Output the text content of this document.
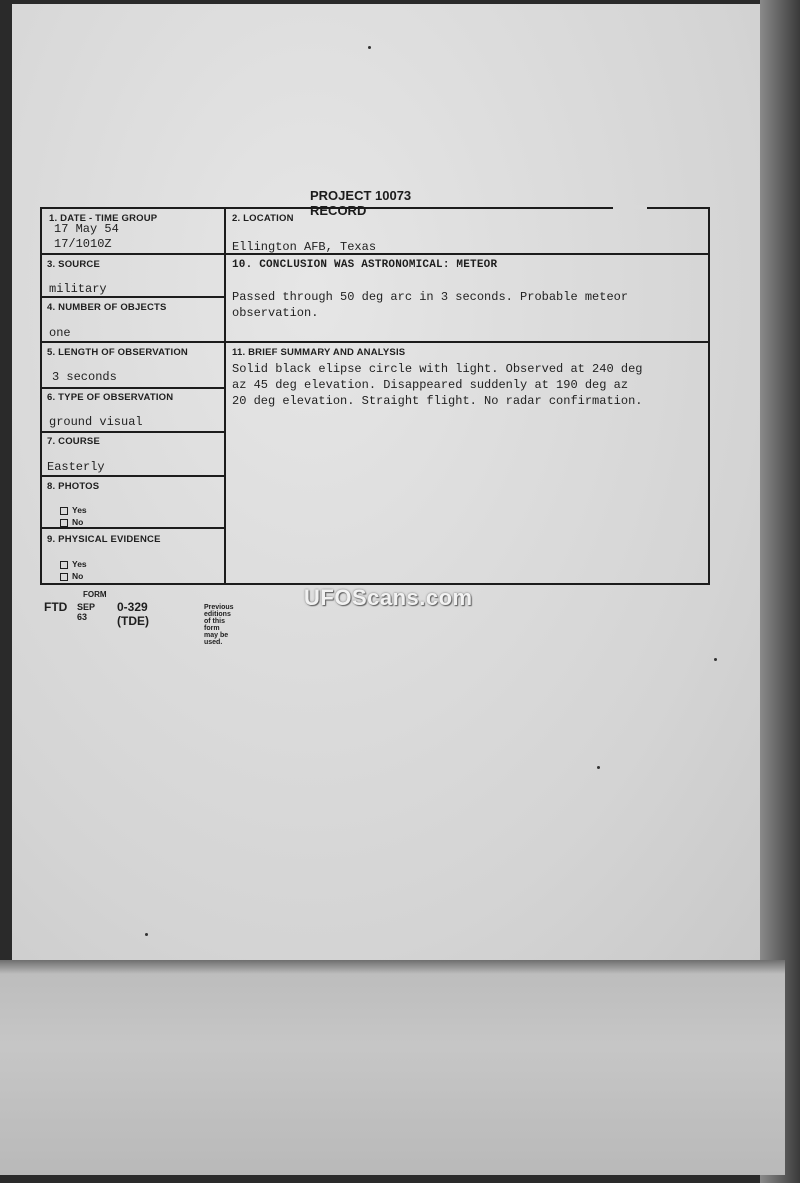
PROJECT 10073 RECORD
1. DATE - TIME GROUP
17 May 54
17/1010Z
2. LOCATION
Ellington AFB, Texas
3. SOURCE
military
4. NUMBER OF OBJECTS
one
5. LENGTH OF OBSERVATION
3 seconds
6. TYPE OF OBSERVATION
ground visual
7. COURSE
Easterly
8. PHOTOS
Yes
No
9. PHYSICAL EVIDENCE
Yes
No
10. CONCLUSION WAS ASTRONOMICAL: METEOR
Passed through 50 deg arc in 3 seconds. Probable meteor
observation.
11. BRIEF SUMMARY AND ANALYSIS
Solid black elipse circle with light. Observed at 240 deg
az 45 deg elevation. Disappeared suddenly at 190 deg az
20 deg elevation. Straight flight. No radar confirmation.
FORM
FTD SEP 63
0-329 (TDE)
Previous editions of this form may be used.
UFOScans.com
